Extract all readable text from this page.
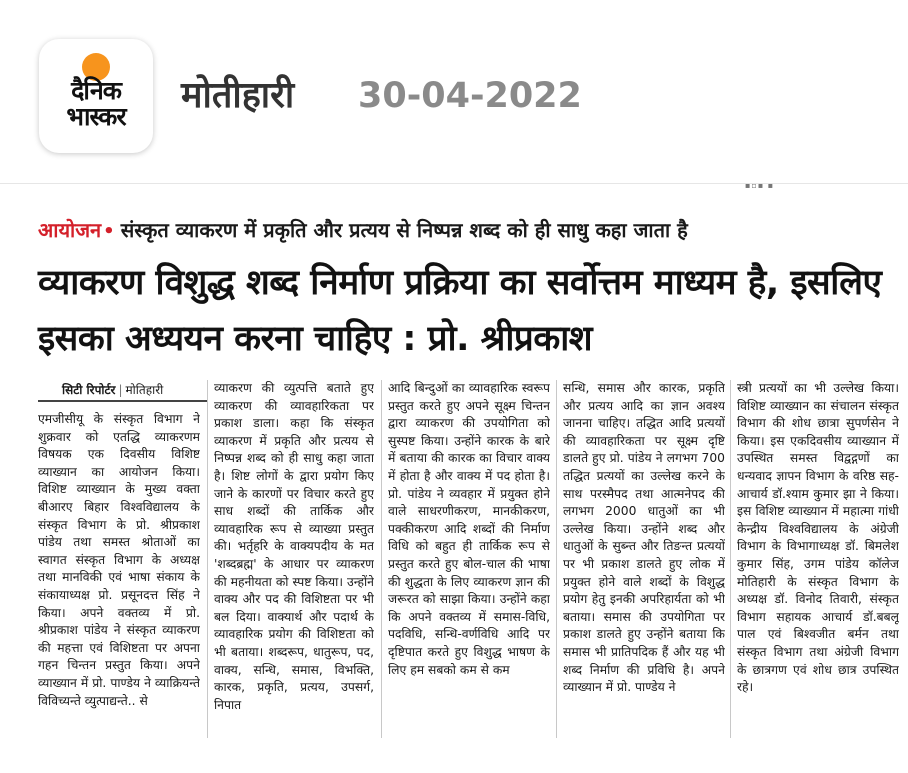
दैनिक
भास्कर
मोतीहारी 30-04-2022
▪▫▪ ▪
आयोजन • संस्कृत व्याकरण में प्रकृति और प्रत्यय से निष्पन्न शब्द को ही साधु कहा जाता है
व्याकरण विशुद्ध शब्द निर्माण प्रक्रिया का सर्वोत्तम माध्यम है, इसलिए इसका अध्ययन करना चाहिए : प्रो. श्रीप्रकाश
सिटी रिपोर्टर | मोतिहारी
एमजीसीयू के संस्कृत विभाग ने शुक्रवार को एतद्धि व्याकरणम विषयक एक दिवसीय विशिष्ट व्याख्यान का आयोजन किया। विशिष्ट व्याख्यान के मुख्य वक्ता बीआरए बिहार विश्वविद्यालय के संस्कृत विभाग के प्रो. श्रीप्रकाश पांडेय तथा समस्त श्रोताओं का स्वागत संस्कृत विभाग के अध्यक्ष तथा मानविकी एवं भाषा संकाय के संकायाध्यक्ष प्रो. प्रसूनदत्त सिंह ने किया। अपने वक्तव्य में प्रो. श्रीप्रकाश पांडेय ने संस्कृत व्याकरण की महत्ता एवं विशिष्टता पर अपना गहन चिन्तन प्रस्तुत किया। अपने व्याख्यान में प्रो. पाण्डेय ने व्याक्रियन्ते विविच्यन्ते व्युत्पाद्यन्ते.. से
व्याकरण की व्युत्पत्ति बताते हुए व्याकरण की व्यावहारिकता पर प्रकाश डाला। कहा कि संस्कृत व्याकरण में प्रकृति और प्रत्यय से निष्पन्न शब्द को ही साधु कहा जाता है। शिष्ट लोगों के द्वारा प्रयोग किए जाने के कारणों पर विचार करते हुए साध शब्दों की तार्किक और व्यावहारिक रूप से व्याख्या प्रस्तुत की। भर्तृहरि के वाक्यपदीय के मत 'शब्दब्रह्म' के आधार पर व्याकरण की महनीयता को स्पष्ट किया। उन्होंने वाक्य और पद की विशिष्टता पर भी बल दिया। वाक्यार्थ और पदार्थ के व्यावहारिक प्रयोग की विशिष्टता को भी बताया। शब्दरूप, धातुरूप, पद, वाक्य, सन्धि, समास, विभक्ति, कारक, प्रकृति, प्रत्यय, उपसर्ग, निपात
आदि बिन्दुओं का व्यावहारिक स्वरूप प्रस्तुत करते हुए अपने सूक्ष्म चिन्तन द्वारा व्याकरण की उपयोगिता को सुस्पष्ट किया। उन्होंने कारक के बारे में बताया की कारक का विचार वाक्य में होता है और वाक्य में पद होता है। प्रो. पांडेय ने व्यवहार में प्रयुक्त होने वाले साधरणीकरण, मानकीकरण, पक्कीकरण आदि शब्दों की निर्माण विधि को बहुत ही तार्किक रूप से प्रस्तुत करते हुए बोल-चाल की भाषा की शुद्धता के लिए व्याकरण ज्ञान की जरूरत को साझा किया। उन्होंने कहा कि अपने वक्तव्य में समास-विधि, पदविधि, सन्धि-वर्णविधि आदि पर दृष्टिपात करते हुए विशुद्ध भाषण के लिए हम सबको कम से कम
सन्धि, समास और कारक, प्रकृति और प्रत्यय आदि का ज्ञान अवश्य जानना चाहिए। तद्धित आदि प्रत्ययों की व्यावहारिकता पर सूक्ष्म दृष्टि डालते हुए प्रो. पांडेय ने लगभग 700 तद्धित प्रत्ययों का उल्लेख करने के साथ परस्मैपद तथा आत्मनेपद की लगभग 2000 धातुओं का भी उल्लेख किया। उन्होंने शब्द और धातुओं के सुब्न्त और तिङन्त प्रत्ययों पर भी प्रकाश डालते हुए लोक में प्रयुक्त होने वाले शब्दों के विशुद्ध प्रयोग हेतु इनकी अपरिहार्यता को भी बताया। समास की उपयोगिता पर प्रकाश डालते हुए उन्होंने बताया कि समास भी प्रातिपदिक हैं और यह भी शब्द निर्माण की प्रविधि है। अपने व्याख्यान में प्रो. पाण्डेय ने
स्त्री प्रत्ययों का भी उल्लेख किया। विशिष्ट व्याख्यान का संचालन संस्कृत विभाग की शोध छात्रा सुपर्णसेन ने किया। इस एकदिवसीय व्याख्यान में उपस्थित समस्त विद्वद्गणों का धन्यवाद ज्ञापन विभाग के वरिष्ठ सह-आचार्य डॉ.श्याम कुमार झा ने किया। इस विशिष्ट व्याख्यान में महात्मा गांधी केन्द्रीय विश्वविद्यालय के अंग्रेजी विभाग के विभागाध्यक्ष डॉ. बिमलेश कुमार सिंह, उगम पांडेय कॉलेज मोतिहारी के संस्कृत विभाग के अध्यक्ष डॉ. विनोद तिवारी, संस्कृत विभाग सहायक आचार्य डॉ.बबलू पाल एवं बिश्वजीत बर्मन तथा संस्कृत विभाग तथा अंग्रेजी विभाग के छात्रगण एवं शोध छात्र उपस्थित रहे।
